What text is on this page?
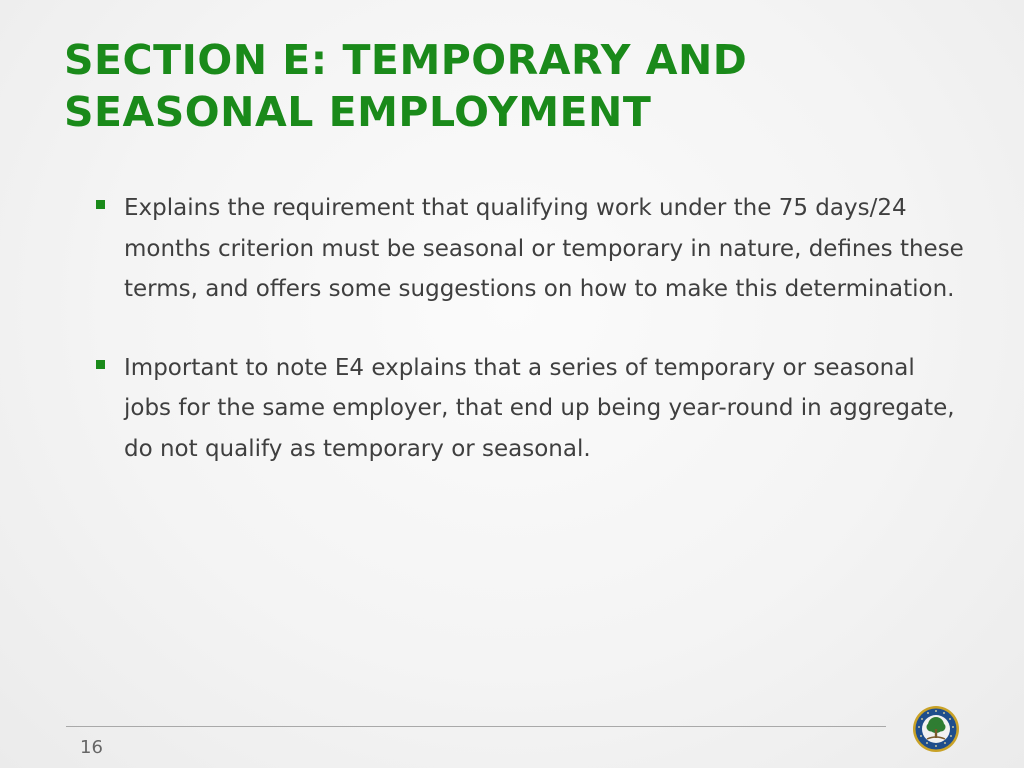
SECTION E: TEMPORARY AND SEASONAL EMPLOYMENT
Explains the requirement that qualifying work under the 75 days/24 months criterion must be seasonal or temporary in nature, defines these terms, and offers some suggestions on how to make this determination.
Important to note E4 explains that a series of temporary or seasonal jobs for the same employer, that end up being year-round in aggregate, do not qualify as temporary or seasonal.
16
